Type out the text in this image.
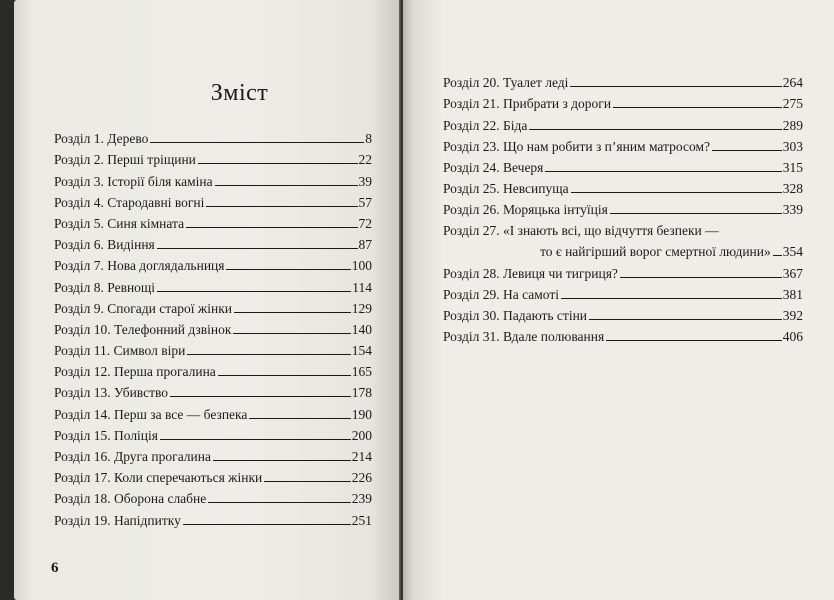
Зміст
Розділ 1. Дерево	8
Розділ 2. Перші тріщини	22
Розділ 3. Історії біля каміна	39
Розділ 4. Стародавні вогні	57
Розділ 5. Синя кімната	72
Розділ 6. Видіння	87
Розділ 7. Нова доглядальниця	100
Розділ 8. Ревнощі	114
Розділ 9. Спогади старої жінки	129
Розділ 10. Телефонний дзвінок	140
Розділ 11. Символ віри	154
Розділ 12. Перша прогалина	165
Розділ 13. Убивство	178
Розділ 14. Перш за все — безпека	190
Розділ 15. Поліція	200
Розділ 16. Друга прогалина	214
Розділ 17. Коли сперечаються жінки	226
Розділ 18. Оборона слабне	239
Розділ 19. Напідпитку	251
6
Розділ 20. Туалет леді	264
Розділ 21. Прибрати з дороги	275
Розділ 22. Біда	289
Розділ 23. Що нам робити з п’яним матросом?	303
Розділ 24. Вечеря	315
Розділ 25. Невсипуща	328
Розділ 26. Моряцька інтуїція	339
Розділ 27. «І знають всі, що відчуття безпеки —
то є найгірший ворог смертної людини» 354
Розділ 28. Левиця чи тигриця?	367
Розділ 29. На самоті	381
Розділ 30. Падають стіни	392
Розділ 31. Вдале полювання	406
